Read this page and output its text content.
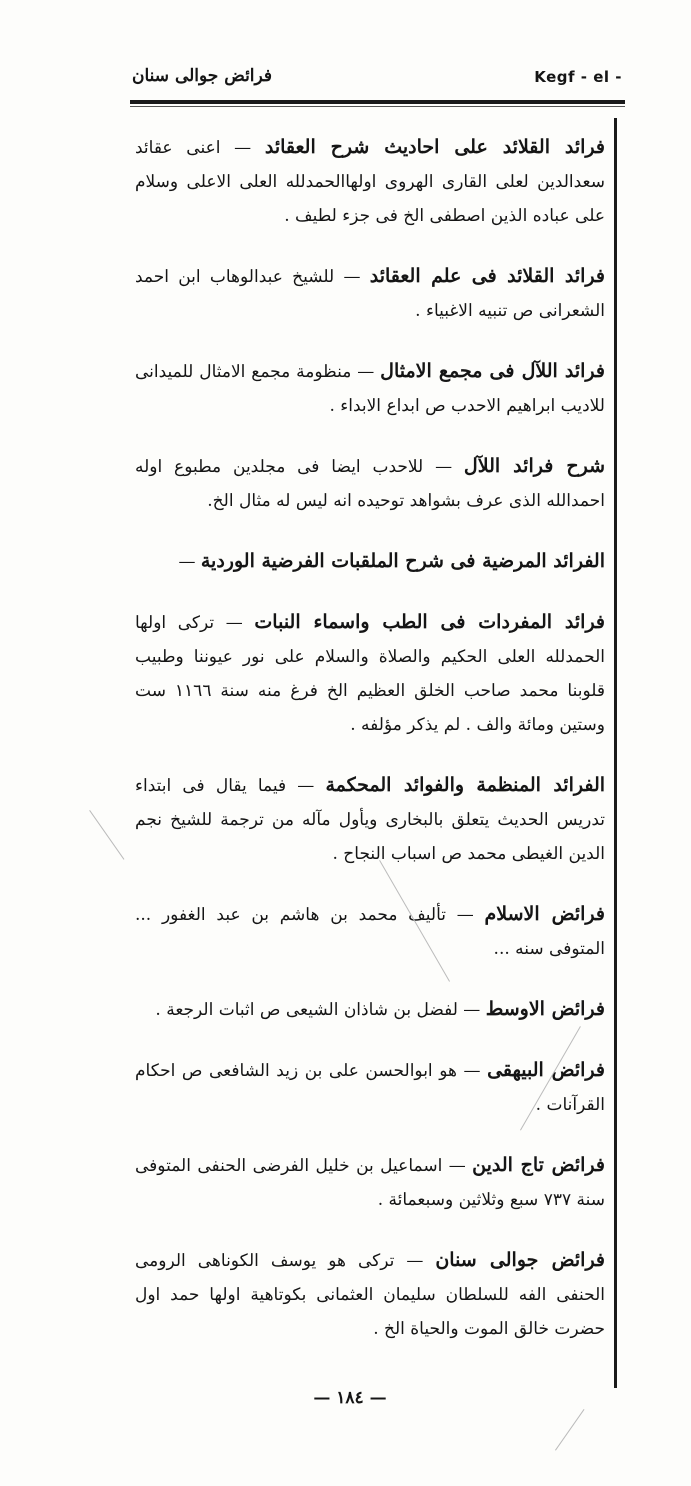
فرائض جوالى سنان	Kegf - el -
فرائد القلائد على احاديث شرح العقائد — اعنى عقائد سعدالدين لعلى القارى الهروى اولهاالحمدلله العلى الاعلى وسلام على عباده الذين اصطفى الخ فى جزء لطيف .
فرائد القلائد فى علم العقائد — للشيخ عبدالوهاب ابن احمد الشعرانى ص تنبيه الاغبياء .
فرائد اللآل فى مجمع الامثال — منظومة مجمع الامثال للميدانى للاديب ابراهيم الاحدب ص ابداع الابداء .
شرح فرائد اللآل — للاحدب ايضا فى مجلدين مطبوع اوله احمدالله الذى عرف بشواهد توحيده انه ليس له مثال الخ.
الفرائد المرضية فى شرح الملقبات الفرضية الوردية —
فرائد المفردات فى الطب واسماء النبات — تركى اولها الحمدلله العلى الحكيم والصلاة والسلام على نور عيوننا وطبيب قلوبنا محمد صاحب الخلق العظيم الخ فرغ منه سنة ١١٦٦ ست وستين ومائة والف . لم يذكر مؤلفه .
الفرائد المنظمة والفوائد المحكمة — فيما يقال فى ابتداء تدريس الحديث يتعلق بالبخارى ويأول مآله من ترجمة للشيخ نجم الدين الغيطى محمد ص اسباب النجاح .
فرائض الاسلام — تأليف محمد بن هاشم بن عبد الغفور ... المتوفى سنه ...
فرائض الاوسط — لفضل بن شاذان الشيعى ص اثبات الرجعة .
فرائض البيهقى — هو ابوالحسن على بن زيد الشافعى ص احكام القرآنات .
فرائض تاج الدين — اسماعيل بن خليل الفرضى الحنفى المتوفى سنة ٧٣٧ سبع وثلاثين وسبعمائة .
فرائض جوالى سنان — تركى هو يوسف الكوناهى الرومى الحنفى الفه للسلطان سليمان العثمانى بكوتاهية اولها حمد اول حضرت خالق الموت والحياة الخ .
— ١٨٤ —
